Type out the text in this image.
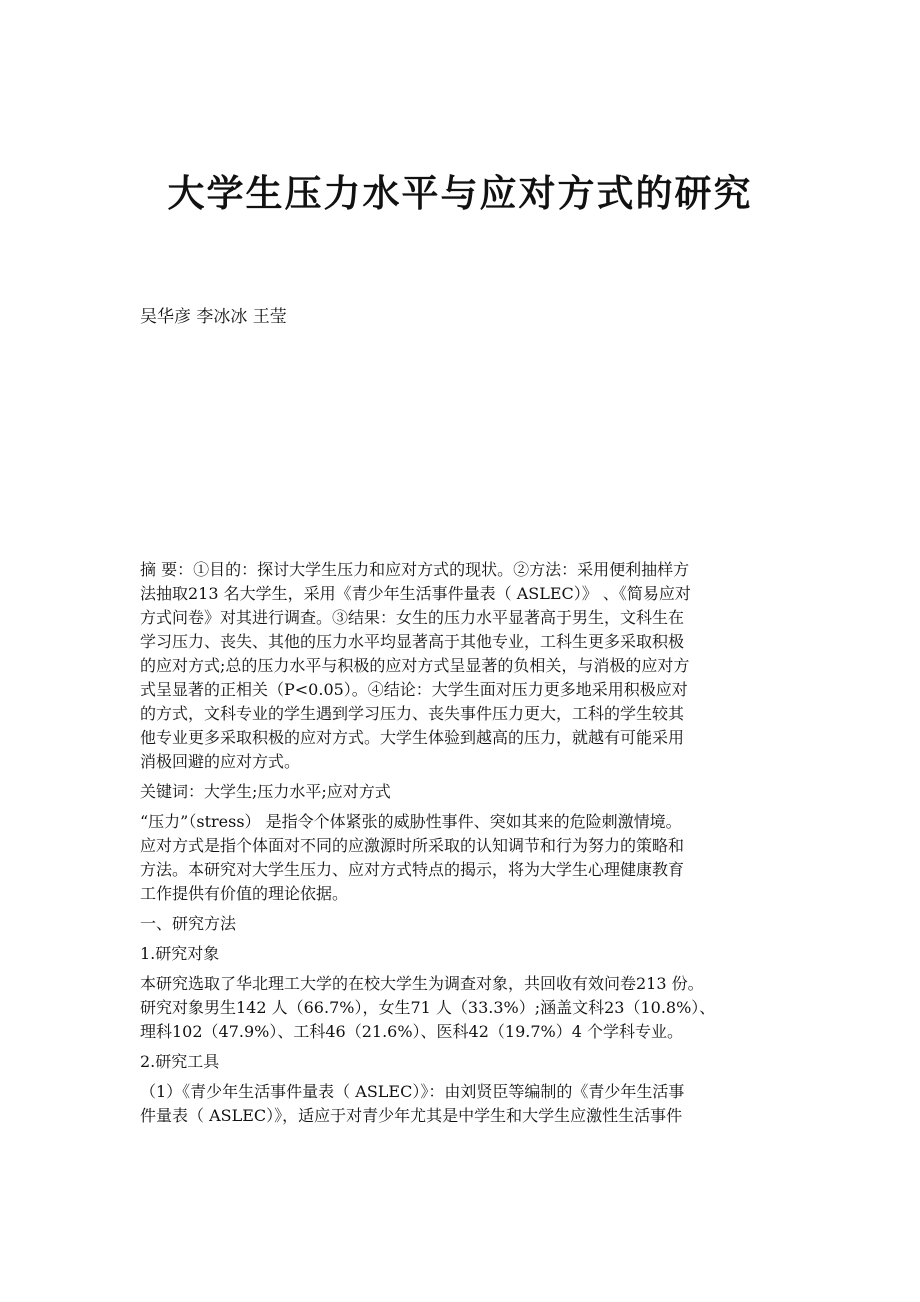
大学生压力水平与应对方式的研究

吴华彦 李冰冰 王莹

摘 要：①目的：探讨大学生压力和应对方式的现状。②方法：采用便利抽样方
法抽取213 名大学生，采用《青少年生活事件量表（ ASLEC）》 、《简易应对
方式问卷》对其进行调查。③结果：女生的压力水平显著高于男生，文科生在
学习压力、丧失、其他的压力水平均显著高于其他专业，工科生更多采取积极
的应对方式;总的压力水平与积极的应对方式呈显著的负相关，与消极的应对方
式呈显著的正相关（P<0.05）。④结论：大学生面对压力更多地采用积极应对
的方式，文科专业的学生遇到学习压力、丧失事件压力更大，工科的学生较其
他专业更多采取积极的应对方式。大学生体验到越高的压力，就越有可能采用
消极回避的应对方式。
关键词：大学生;压力水平;应对方式
“压力”（stress） 是指令个体紧张的威胁性事件、突如其来的危险刺激情境。
应对方式是指个体面对不同的应激源时所采取的认知调节和行为努力的策略和
方法。本研究对大学生压力、应对方式特点的揭示，将为大学生心理健康教育
工作提供有价值的理论依据。
一、研究方法
1.研究对象
本研究选取了华北理工大学的在校大学生为调查对象，共回收有效问卷213 份。
研究对象男生142 人（66.7%），女生71 人（33.3%）;涵盖文科23（10.8%）、
理科102（47.9%）、工科46（21.6%）、医科42（19.7%）4 个学科专业。
2.研究工具
（1）《青少年生活事件量表（ ASLEC）》：由刘贤臣等编制的《青少年生活事
件量表（ ASLEC）》，适应于对青少年尤其是中学生和大学生应激性生活事件
